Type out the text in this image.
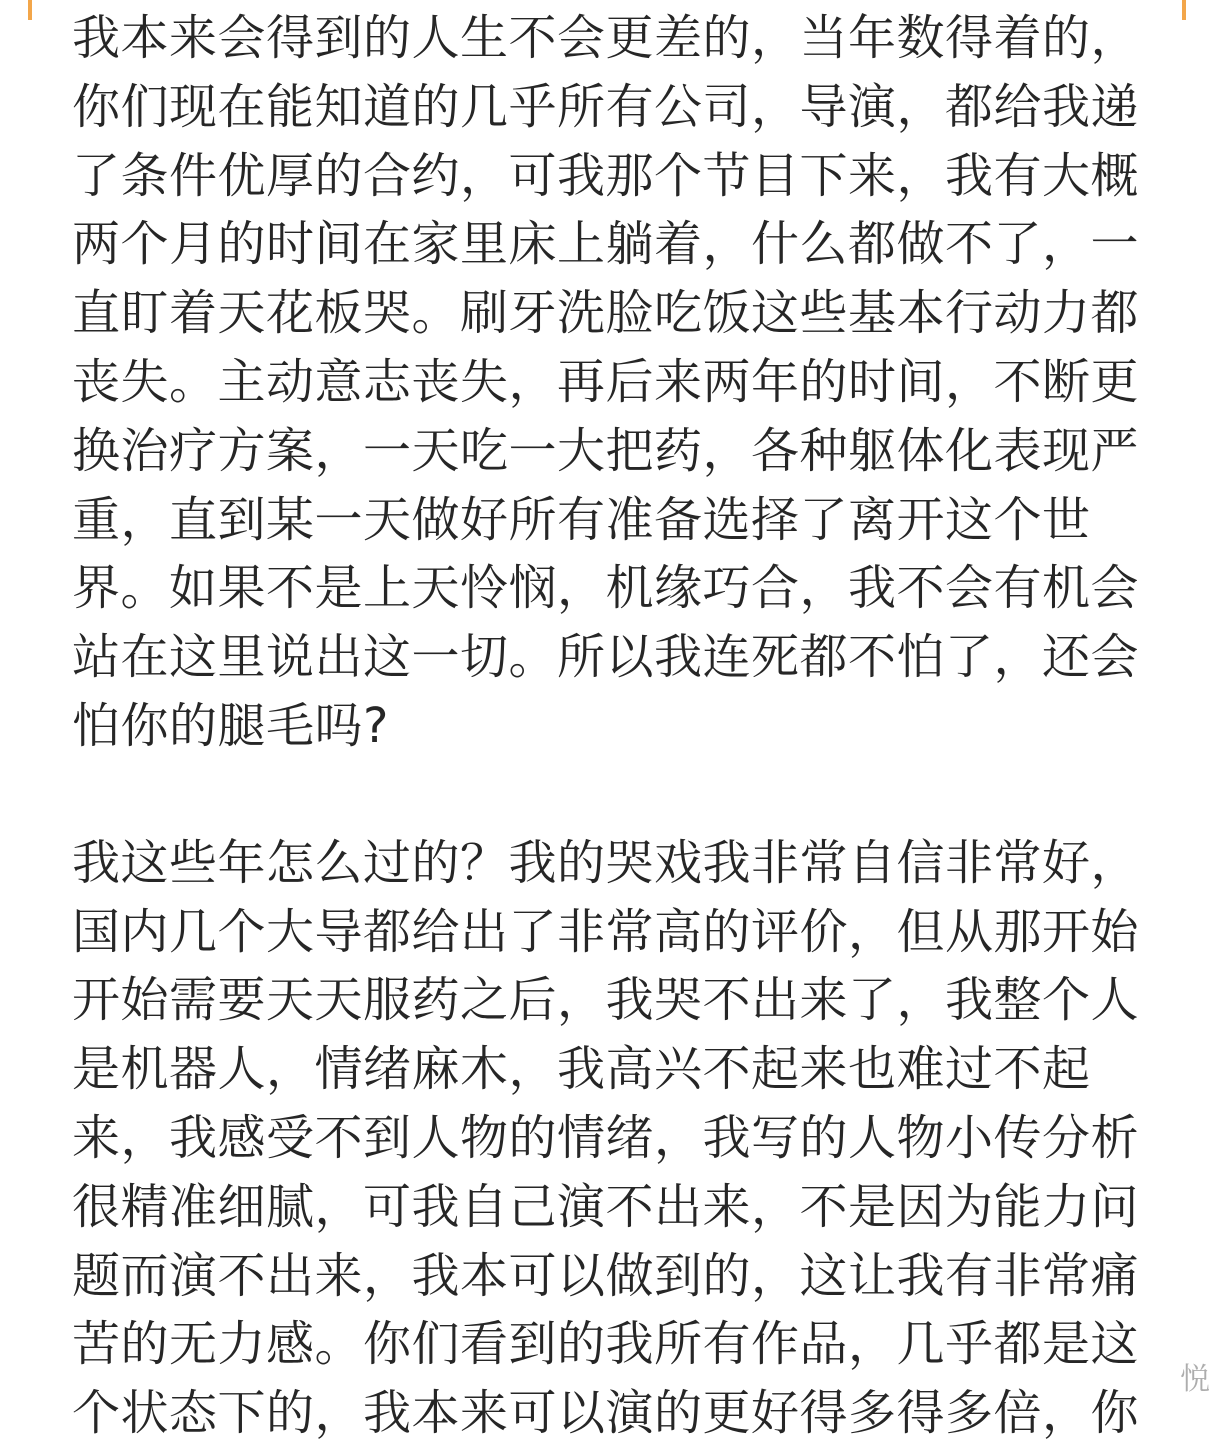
我本来会得到的人生不会更差的，当年数得着的，
你们现在能知道的几乎所有公司，导演，都给我递
了条件优厚的合约，可我那个节目下来，我有大概
两个月的时间在家里床上躺着，什么都做不了，一
直盯着天花板哭。刷牙洗脸吃饭这些基本行动力都
丧失。主动意志丧失，再后来两年的时间，不断更
换治疗方案，一天吃一大把药，各种躯体化表现严
重，直到某一天做好所有准备选择了离开这个世
界。如果不是上天怜悯，机缘巧合，我不会有机会
站在这里说出这一切。所以我连死都不怕了，还会
怕你的腿毛吗?

我这些年怎么过的？我的哭戏我非常自信非常好，
国内几个大导都给出了非常高的评价，但从那开始
开始需要天天服药之后，我哭不出来了，我整个人
是机器人，情绪麻木，我高兴不起来也难过不起
来，我感受不到人物的情绪，我写的人物小传分析
很精准细腻，可我自己演不出来，不是因为能力问
题而演不出来，我本可以做到的，这让我有非常痛
苦的无力感。你们看到的我所有作品，几乎都是这
个状态下的，我本来可以演的更好得多得多倍，你

悦
